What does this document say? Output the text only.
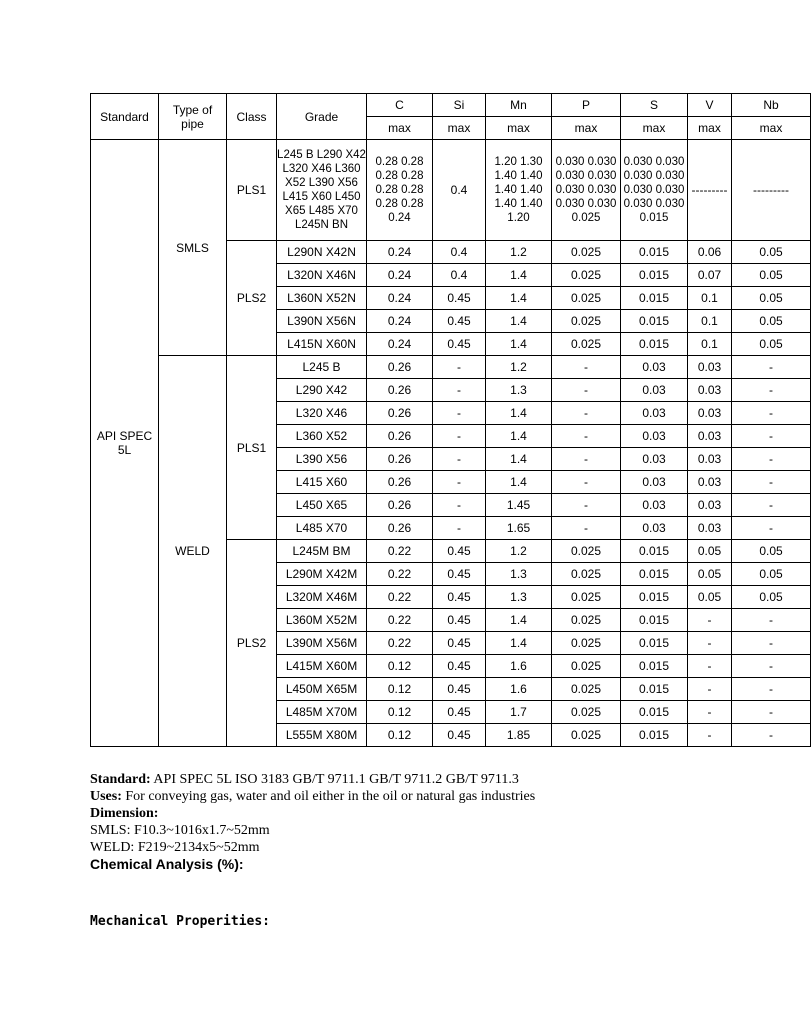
Standard	Type of pipe	Class	Grade	C	Si	Mn	P	S	V	Nb
				max	max	max	max	max	max	max
API SPEC 5L	SMLS	PLS1	L245 B L290 X42 L320 X46 L360 X52 L390 X56 L415 X60 L450 X65 L485 X70 L245N BN	0.28 0.28 0.28 0.28 0.28 0.28 0.28 0.28 0.24	0.4	1.20 1.30 1.40 1.40 1.40 1.40 1.40 1.40 1.20	0.030 0.030 0.030 0.030 0.030 0.030 0.030 0.030 0.025	0.030 0.030 0.030 0.030 0.030 0.030 0.030 0.030 0.015	---------	---------
		PLS2	L290N X42N	0.24	0.4	1.2	0.025	0.015	0.06	0.05
			L320N X46N	0.24	0.4	1.4	0.025	0.015	0.07	0.05
			L360N X52N	0.24	0.45	1.4	0.025	0.015	0.1	0.05
			L390N X56N	0.24	0.45	1.4	0.025	0.015	0.1	0.05
			L415N X60N	0.24	0.45	1.4	0.025	0.015	0.1	0.05
	WELD	PLS1	L245 B	0.26	-	1.2	-	0.03	0.03	-
			L290 X42	0.26	-	1.3	-	0.03	0.03	-
			L320 X46	0.26	-	1.4	-	0.03	0.03	-
			L360 X52	0.26	-	1.4	-	0.03	0.03	-
			L390 X56	0.26	-	1.4	-	0.03	0.03	-
			L415 X60	0.26	-	1.4	-	0.03	0.03	-
			L450 X65	0.26	-	1.45	-	0.03	0.03	-
			L485 X70	0.26	-	1.65	-	0.03	0.03	-
		PLS2	L245M BM	0.22	0.45	1.2	0.025	0.015	0.05	0.05
			L290M X42M	0.22	0.45	1.3	0.025	0.015	0.05	0.05
			L320M X46M	0.22	0.45	1.3	0.025	0.015	0.05	0.05
			L360M X52M	0.22	0.45	1.4	0.025	0.015	-	-
			L390M X56M	0.22	0.45	1.4	0.025	0.015	-	-
			L415M X60M	0.12	0.45	1.6	0.025	0.015	-	-
			L450M X65M	0.12	0.45	1.6	0.025	0.015	-	-
			L485M X70M	0.12	0.45	1.7	0.025	0.015	-	-
			L555M X80M	0.12	0.45	1.85	0.025	0.015	-	-
Standard: API SPEC 5L ISO 3183 GB/T 9711.1 GB/T 9711.2 GB/T 9711.3
Uses: For conveying gas, water and oil either in the oil or natural gas industries
Dimension:
SMLS: F10.3~1016x1.7~52mm
WELD: F219~2134x5~52mm
Chemical Analysis (%):
Mechanical Properities:
